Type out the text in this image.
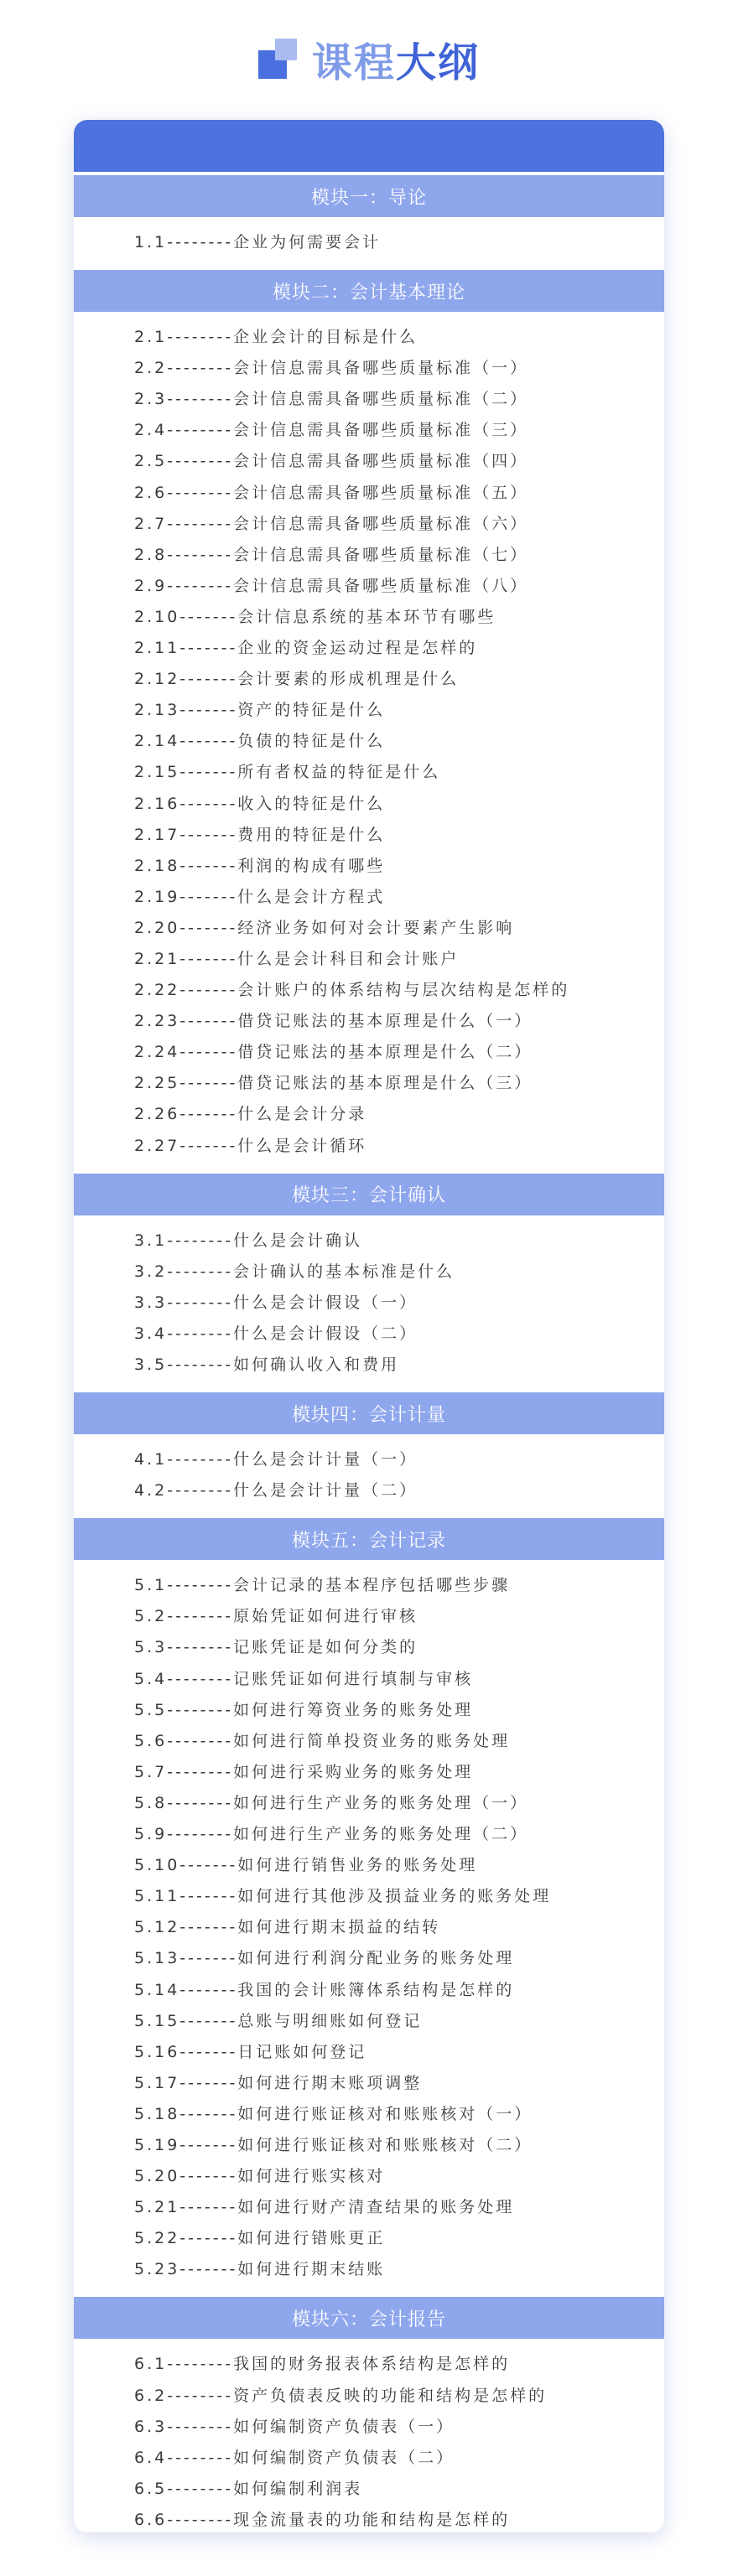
课程大纲
模块一：导论
1.1--------企业为何需要会计
模块二：会计基本理论
2.1--------企业会计的目标是什么
2.2--------会计信息需具备哪些质量标准（一）
2.3--------会计信息需具备哪些质量标准（二）
2.4--------会计信息需具备哪些质量标准（三）
2.5--------会计信息需具备哪些质量标准（四）
2.6--------会计信息需具备哪些质量标准（五）
2.7--------会计信息需具备哪些质量标准（六）
2.8--------会计信息需具备哪些质量标准（七）
2.9--------会计信息需具备哪些质量标准（八）
2.10-------会计信息系统的基本环节有哪些
2.11-------企业的资金运动过程是怎样的
2.12-------会计要素的形成机理是什么
2.13-------资产的特征是什么
2.14-------负债的特征是什么
2.15-------所有者权益的特征是什么
2.16-------收入的特征是什么
2.17-------费用的特征是什么
2.18-------利润的构成有哪些
2.19-------什么是会计方程式
2.20-------经济业务如何对会计要素产生影响
2.21-------什么是会计科目和会计账户
2.22-------会计账户的体系结构与层次结构是怎样的
2.23-------借贷记账法的基本原理是什么（一）
2.24-------借贷记账法的基本原理是什么（二）
2.25-------借贷记账法的基本原理是什么（三）
2.26-------什么是会计分录
2.27-------什么是会计循环
模块三：会计确认
3.1--------什么是会计确认
3.2--------会计确认的基本标准是什么
3.3--------什么是会计假设（一）
3.4--------什么是会计假设（二）
3.5--------如何确认收入和费用
模块四：会计计量
4.1--------什么是会计计量（一）
4.2--------什么是会计计量（二）
模块五：会计记录
5.1--------会计记录的基本程序包括哪些步骤
5.2--------原始凭证如何进行审核
5.3--------记账凭证是如何分类的
5.4--------记账凭证如何进行填制与审核
5.5--------如何进行筹资业务的账务处理
5.6--------如何进行简单投资业务的账务处理
5.7--------如何进行采购业务的账务处理
5.8--------如何进行生产业务的账务处理（一）
5.9--------如何进行生产业务的账务处理（二）
5.10-------如何进行销售业务的账务处理
5.11-------如何进行其他涉及损益业务的账务处理
5.12-------如何进行期末损益的结转
5.13-------如何进行利润分配业务的账务处理
5.14-------我国的会计账簿体系结构是怎样的
5.15-------总账与明细账如何登记
5.16-------日记账如何登记
5.17-------如何进行期末账项调整
5.18-------如何进行账证核对和账账核对（一）
5.19-------如何进行账证核对和账账核对（二）
5.20-------如何进行账实核对
5.21-------如何进行财产清查结果的账务处理
5.22-------如何进行错账更正
5.23-------如何进行期末结账
模块六：会计报告
6.1--------我国的财务报表体系结构是怎样的
6.2--------资产负债表反映的功能和结构是怎样的
6.3--------如何编制资产负债表（一）
6.4--------如何编制资产负债表（二）
6.5--------如何编制利润表
6.6--------现金流量表的功能和结构是怎样的
